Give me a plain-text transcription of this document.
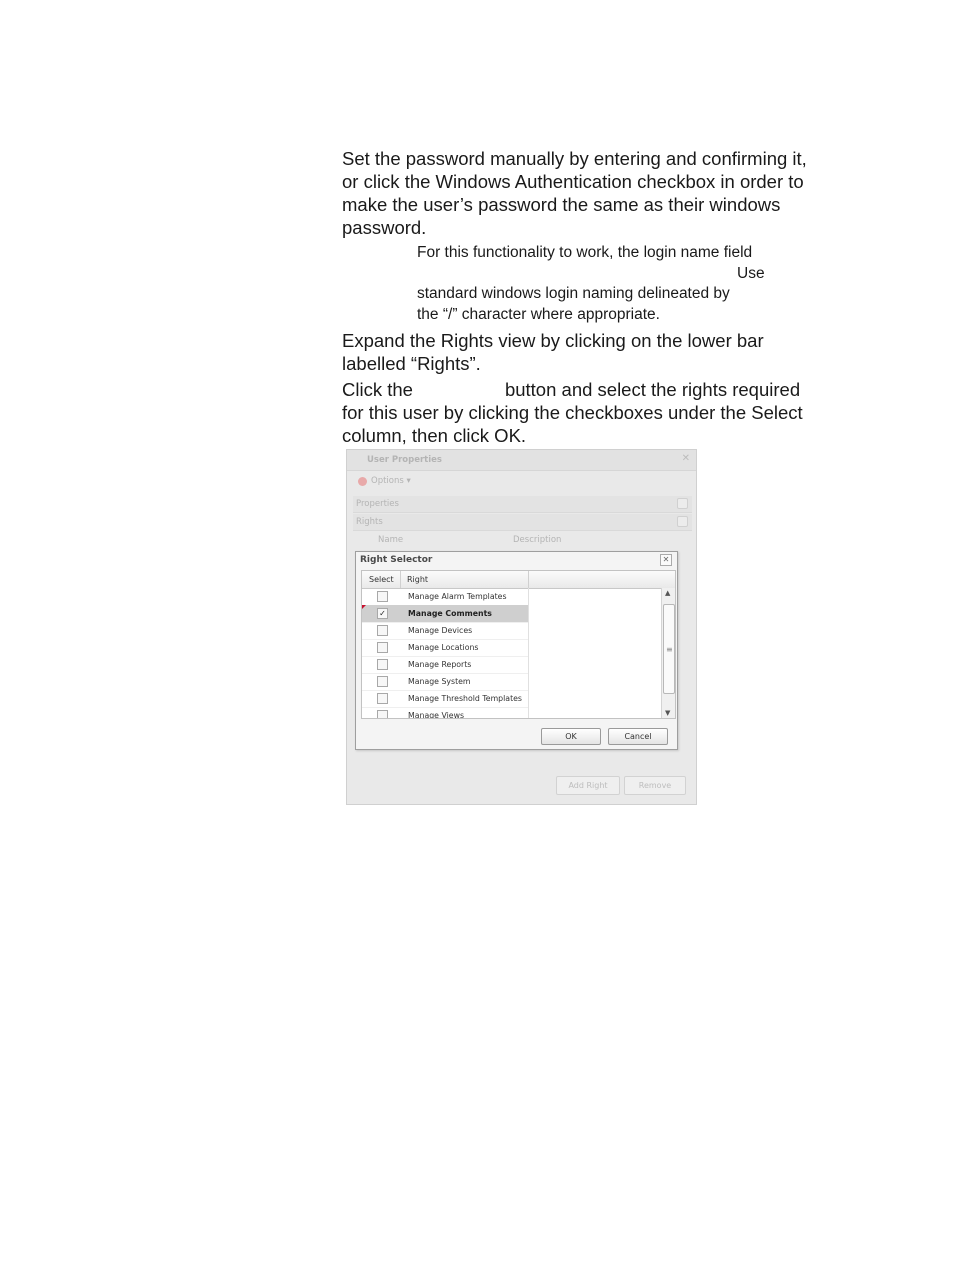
Set the password manually by entering and confirming it, or click the Windows Authentication checkbox in order to make the user’s password the same as their windows password.

For this functionality to work, the login name field
Use
standard windows login naming delineated by
the “/” character where appropriate.

Expand the Rights view by clicking on the lower bar labelled “Rights”.

Click the	button and select the rights required for this user by clicking the checkboxes under the Select column, then click OK.

User Properties	✕
Options ▾
Properties
Rights
Name	Description
Right Selector	✕
Select Right
Manage Alarm Templates
✓	Manage Comments
Manage Devices
Manage Locations
Manage Reports
Manage System
Manage Threshold Templates
Manage Views
▲
≡
▼
OK	Cancel
Add Right	Remove
